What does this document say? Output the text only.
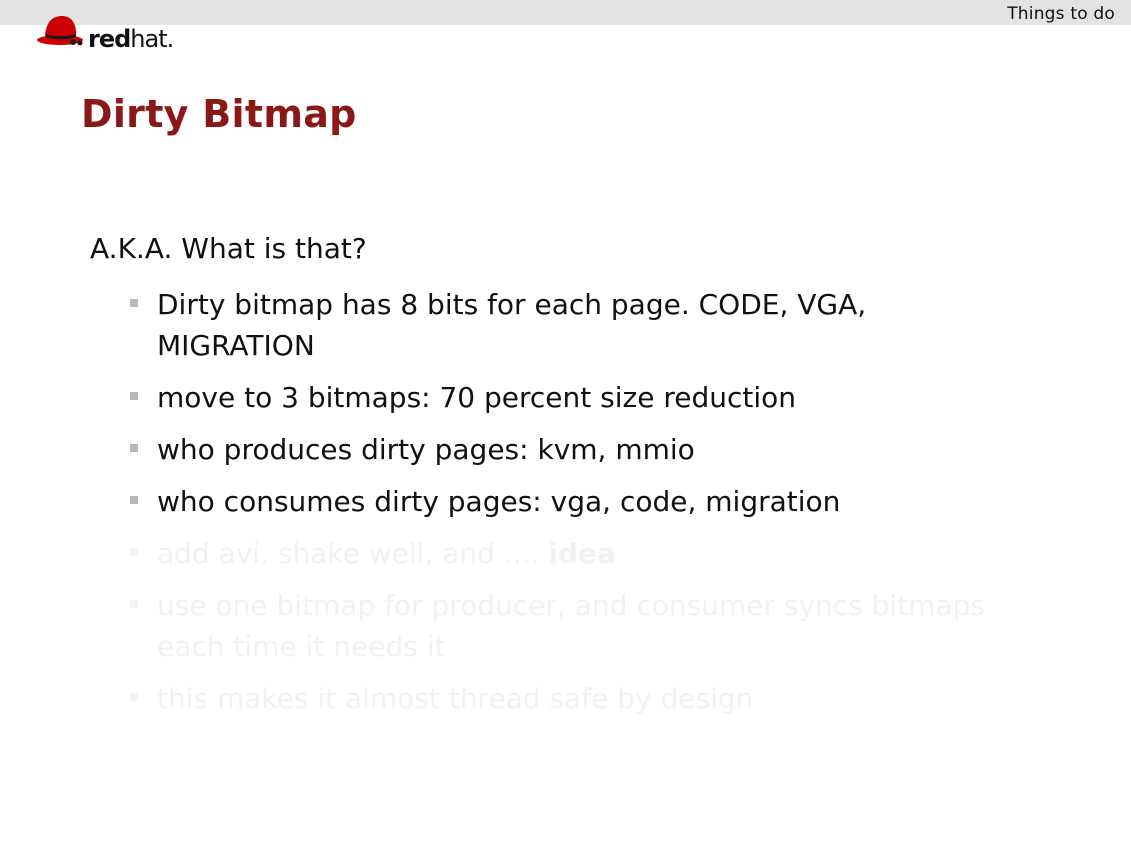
Things to do
redhat.
Dirty Bitmap
A.K.A. What is that?
Dirty bitmap has 8 bits for each page. CODE, VGA, MIGRATION
move to 3 bitmaps: 70 percent size reduction
who produces dirty pages: kvm, mmio
who consumes dirty pages: vga, code, migration
add avi, shake well, and .... idea
use one bitmap for producer, and consumer syncs bitmaps each time it needs it
this makes it almost thread safe by design
